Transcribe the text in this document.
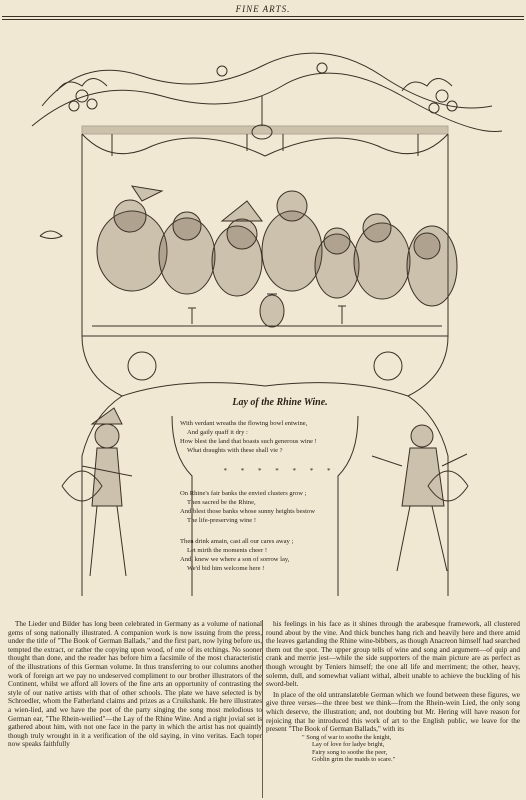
FINE ARTS.
Lay of the Rhine Wine.
With verdant wreaths the flowing bowl entwine,
And gaily quaff it dry :
How blest the land that boasts such generous wine !
What draughts with these shall vie ?
* * * * * * *
On Rhine's fair banks the envied clusters grow ;
Then sacred be the Rhine,
And blest those banks whose sunny heights bestow
The life-preserving wine !
Then drink amain, cast all our cares away ;
Let mirth the moments cheer !
And, knew we where a son of sorrow lay,
We'd bid him welcome here !

The Lieder und Bilder has long been celebrated in Germany as a volume of national gems of song nationally illustrated. A companion work is now issuing from the press, under the title of "The Book of German Ballads," and the first part, now lying before us, tempted the extract, or rather the copying upon wood, of one of its etchings. No sooner thought than done, and the reader has before him a facsimile of the most characteristic of the illustrations of this German volume. In thus transferring to our columns another work of foreign art we pay no undeserved compliment to our brother illustrators of the Continent, whilst we afford all lovers of the fine arts an opportunity of contrasting the style of our native artists with that of other schools. The plate we have selected is by Schroedler, whom the Fatherland claims and prizes as a Cruikshank. He here illustrates a wien-lied, and we have the poet of the party singing the song most melodious to German ear, "The Rhein-weilied"—the Lay of the Rhine Wine. And a right jovial set is gathered about him, with not one face in the party in which the artist has not quaintly though truly wrought in it a verification of the old saying, in vino veritas. Each toper now speaks faithfully

his feelings in his face as it shines through the arabesque framework, all clustered round about by the vine. And thick bunches hang rich and heavily here and there amid the leaves garlanding the Rhine wine-bibbers, as though Anacreon himself had searched them out the spot. The upper group tells of wine and song and argument—of quip and crank and merrie jest—while the side supporters of the main picture are as perfect as though wrought by Teniers himself; the one all life and merriment; the other, heavy, solemn, dull, and somewhat valiant withal, albeit unable to achieve the buckling of his sword-belt.

In place of the old untranslateble German which we found between these figures, we give three verses—the three best we think—from the Rhein-wein Lied, the only song which deserve, the illustration; and, not doubting but Mr. Hering will have reason for rejoicing that he introduced this work of art to the English public, we leave for the present "The Book of German Ballads," with its

" Song of war to soothe the knight,
Lay of love for ladye bright,
Fairy song to soothe the peer,
Goblin grim the maids to scare."
